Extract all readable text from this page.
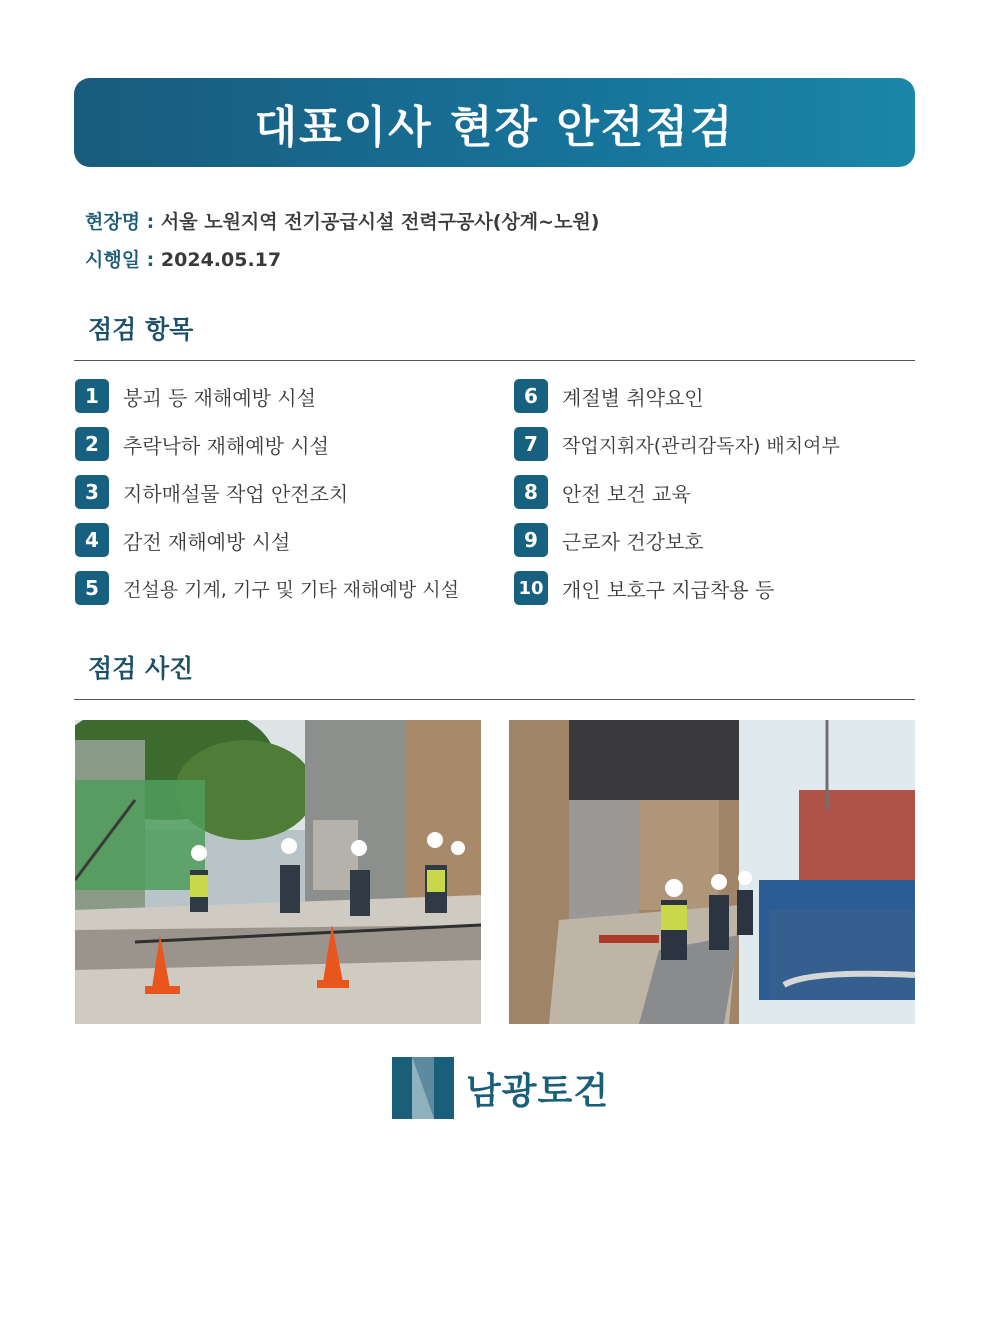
대표이사 현장 안전점검
현장명 : 서울 노원지역 전기공급시설 전력구공사(상계~노원)
시행일 : 2024.05.17
점검 항목
1	붕괴 등 재해예방 시설
2	추락낙하 재해예방 시설
3	지하매설물 작업 안전조치
4	감전 재해예방 시설
5	건설용 기계, 기구 및 기타 재해예방 시설
6	계절별 취약요인
7	작업지휘자(관리감독자) 배치여부
8	안전 보건 교육
9	근로자 건강보호
10 개인 보호구 지급착용 등
점검 사진
남광토건
